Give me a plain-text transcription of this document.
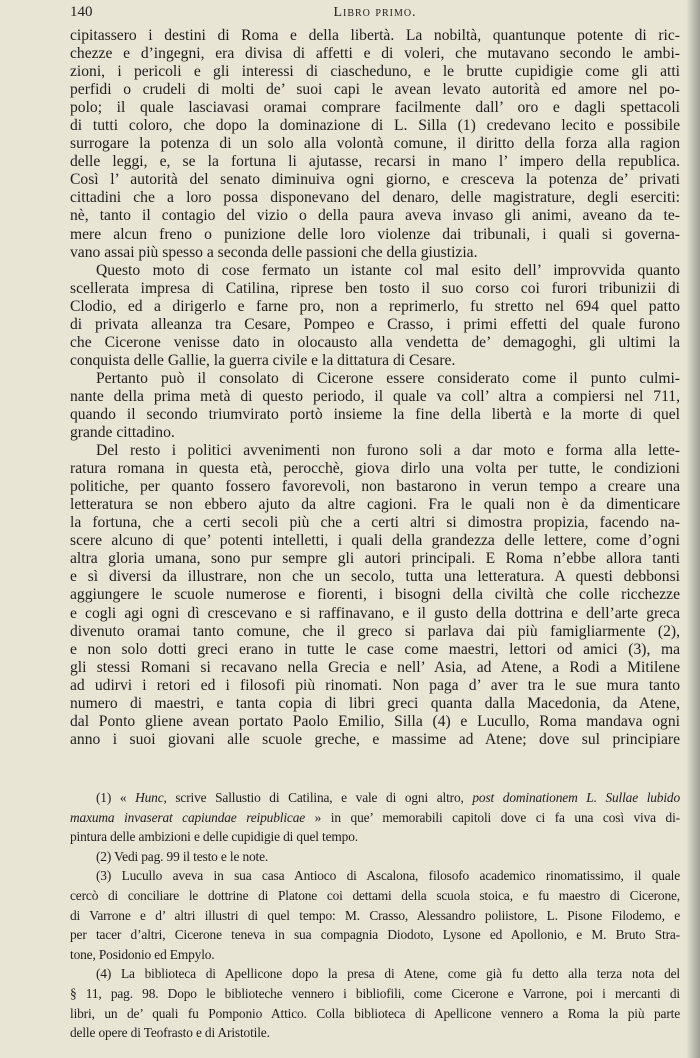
140	Libro primo.
cipitassero i destini di Roma e della libertà. La nobiltà, quantunque potente di ric-
chezze e d’ingegni, era divisa di affetti e di voleri, che mutavano secondo le ambi-
zioni, i pericoli e gli interessi di ciascheduno, e le brutte cupidigie come gli atti
perfidi o crudeli di molti de’ suoi capi le avean levato autorità ed amore nel po-
polo; il quale lasciavasi oramai comprare facilmente dall’ oro e dagli spettacoli
di tutti coloro, che dopo la dominazione di L. Silla (1) credevano lecito e possibile
surrogare la potenza di un solo alla volontà comune, il diritto della forza alla ragion
delle leggi, e, se la fortuna li ajutasse, recarsi in mano l’ impero della republica.
Così l’ autorità del senato diminuiva ogni giorno, e cresceva la potenza de’ privati
cittadini che a loro possa disponevano del denaro, delle magistrature, degli eserciti:
nè, tanto il contagio del vizio o della paura aveva invaso gli animi, aveano da te-
mere alcun freno o punizione delle loro violenze dai tribunali, i quali si governa-
vano assai più spesso a seconda delle passioni che della giustizia.
Questo moto di cose fermato un istante col mal esito dell’ improvvida quanto
scellerata impresa di Catilina, riprese ben tosto il suo corso coi furori tribunizii di
Clodio, ed a dirigerlo e farne pro, non a reprimerlo, fu stretto nel 694 quel patto
di privata alleanza tra Cesare, Pompeo e Crasso, i primi effetti del quale furono
che Cicerone venisse dato in olocausto alla vendetta de’ demagoghi, gli ultimi la
conquista delle Gallie, la guerra civile e la dittatura di Cesare.
Pertanto può il consolato di Cicerone essere considerato come il punto culmi-
nante della prima metà di questo periodo, il quale va coll’ altra a compiersi nel 711,
quando il secondo triumvirato portò insieme la fine della libertà e la morte di quel
grande cittadino.
Del resto i politici avvenimenti non furono soli a dar moto e forma alla lette-
ratura romana in questa età, perocchè, giova dirlo una volta per tutte, le condizioni
politiche, per quanto fossero favorevoli, non bastarono in verun tempo a creare una
letteratura se non ebbero ajuto da altre cagioni. Fra le quali non è da dimenticare
la fortuna, che a certi secoli più che a certi altri si dimostra propizia, facendo na-
scere alcuno di que’ potenti intelletti, i quali della grandezza delle lettere, come d’ogni
altra gloria umana, sono pur sempre gli autori principali. E Roma n’ebbe allora tanti
e sì diversi da illustrare, non che un secolo, tutta una letteratura. A questi debbonsi
aggiungere le scuole numerose e fiorenti, i bisogni della civiltà che colle ricchezze
e cogli agi ogni dì crescevano e si raffinavano, e il gusto della dottrina e dell’arte greca
divenuto oramai tanto comune, che il greco si parlava dai più famigliarmente (2),
e non solo dotti greci erano in tutte le case come maestri, lettori od amici (3), ma
gli stessi Romani si recavano nella Grecia e nell’ Asia, ad Atene, a Rodi a Mitilene
ad udirvi i retori ed i filosofi più rinomati. Non paga d’ aver tra le sue mura tanto
numero di maestri, e tanta copia di libri greci quanta dalla Macedonia, da Atene,
dal Ponto gliene avean portato Paolo Emilio, Silla (4) e Lucullo, Roma mandava ogni
anno i suoi giovani alle scuole greche, e massime ad Atene; dove sul principiare
(1) « Hunc, scrive Sallustio di Catilina, e vale di ogni altro, post dominationem L. Sullae lubido
maxuma invaserat capiundae reipublicae » in que’ memorabili capitoli dove ci fa una così viva di-
pintura delle ambizioni e delle cupidigie di quel tempo.
(2) Vedi pag. 99 il testo e le note.
(3) Lucullo aveva in sua casa Antioco di Ascalona, filosofo academico rinomatissimo, il quale
cercò di conciliare le dottrine di Platone coi dettami della scuola stoica, e fu maestro di Cicerone,
di Varrone e d’ altri illustri di quel tempo: M. Crasso, Alessandro poliistore, L. Pisone Filodemo, e
per tacer d’altri, Cicerone teneva in sua compagnia Diodoto, Lysone ed Apollonio, e M. Bruto Stra-
tone, Posidonio ed Empylo.
(4) La biblioteca di Apellicone dopo la presa di Atene, come già fu detto alla terza nota del
§ 11, pag. 98. Dopo le biblioteche vennero i bibliofili, come Cicerone e Varrone, poi i mercanti di
libri, un de’ quali fu Pomponio Attico. Colla biblioteca di Apellicone vennero a Roma la più parte
delle opere di Teofrasto e di Aristotile.
